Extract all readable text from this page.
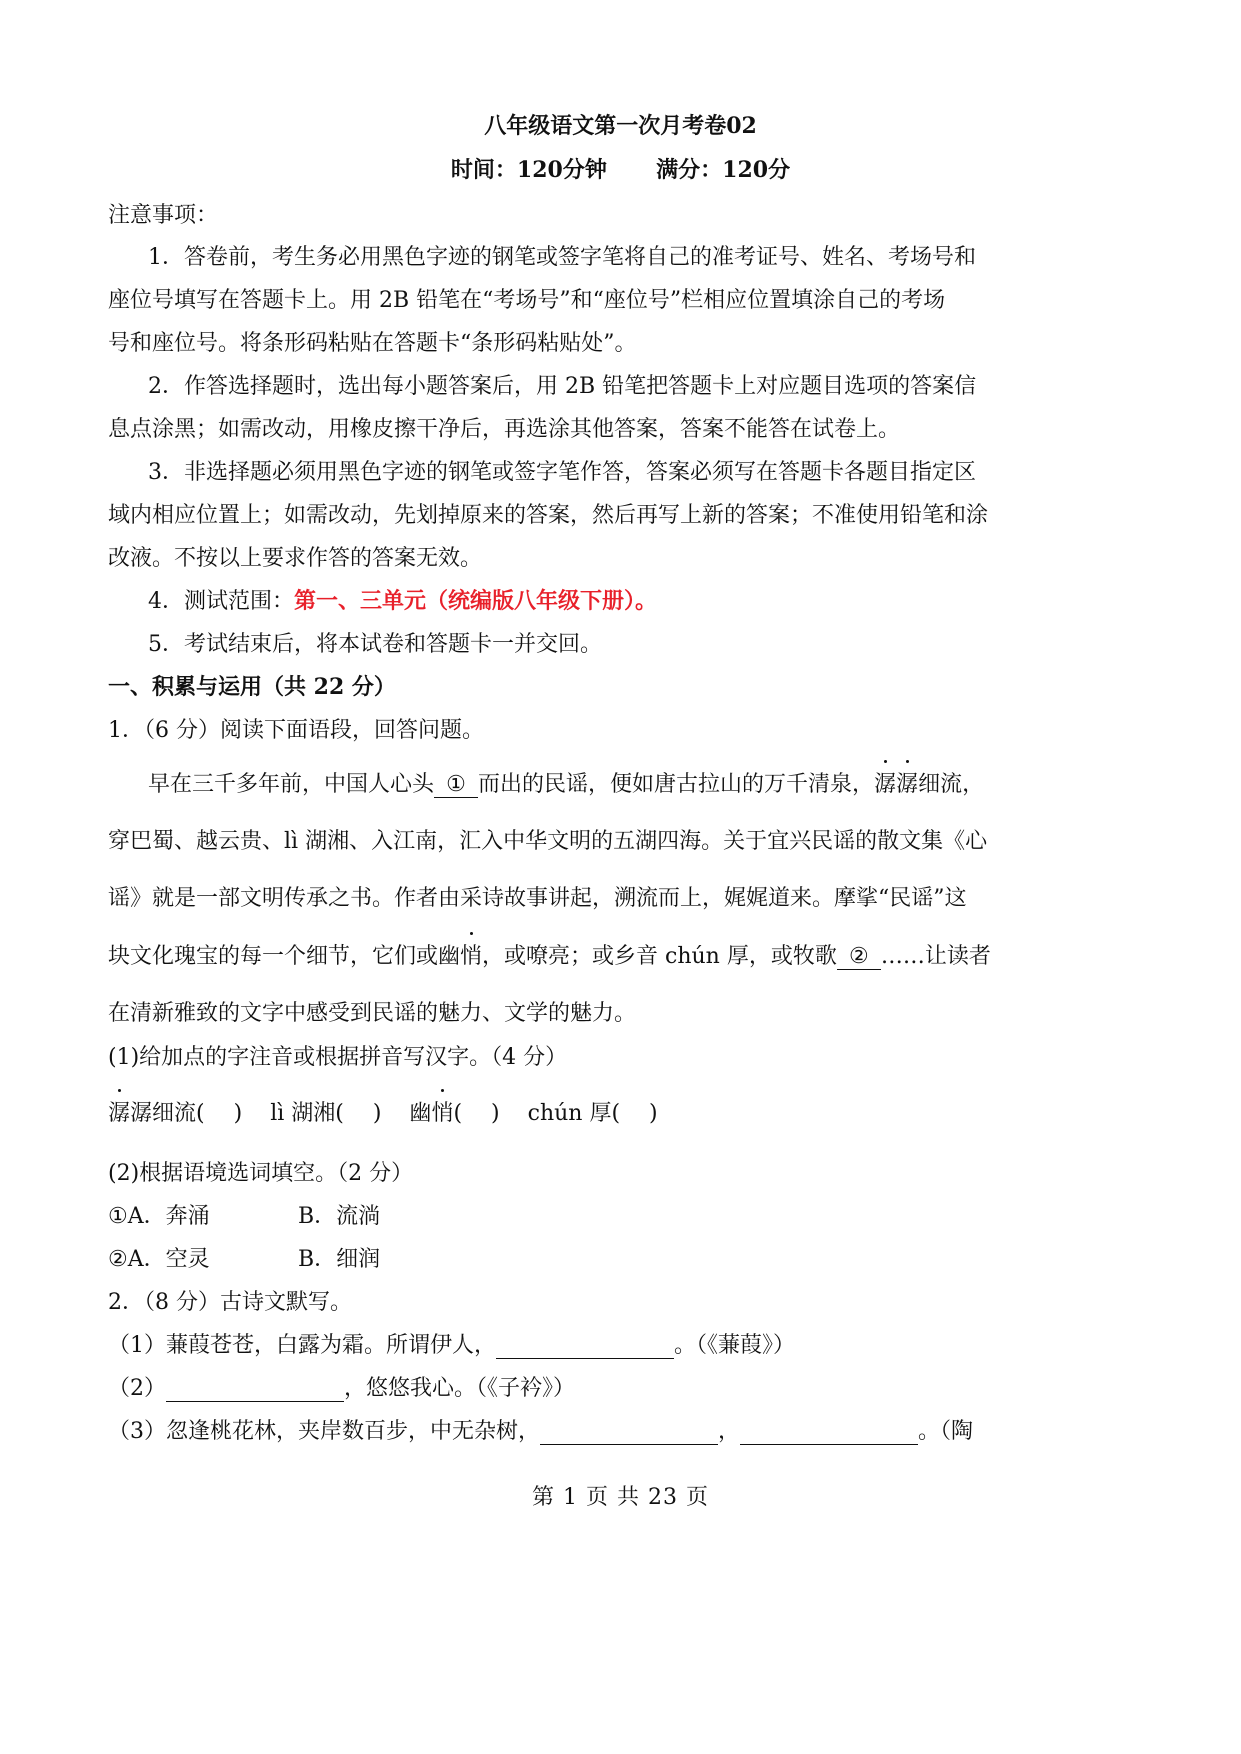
八年级语文第一次月考卷02
时间：120分钟 满分：120分
注意事项：
1．答卷前，考生务必用黑色字迹的钢笔或签字笔将自己的准考证号、姓名、考场号和
座位号填写在答题卡上。用 2B 铅笔在“考场号”和“座位号”栏相应位置填涂自己的考场
号和座位号。将条形码粘贴在答题卡“条形码粘贴处”。
2．作答选择题时，选出每小题答案后，用 2B 铅笔把答题卡上对应题目选项的答案信
息点涂黑；如需改动，用橡皮擦干净后，再选涂其他答案，答案不能答在试卷上。
3．非选择题必须用黑色字迹的钢笔或签字笔作答，答案必须写在答题卡各题目指定区
域内相应位置上；如需改动，先划掉原来的答案，然后再写上新的答案；不准使用铅笔和涂
改液。不按以上要求作答的答案无效。
4．测试范围：第一、三单元（统编版八年级下册）。
5．考试结束后，将本试卷和答题卡一并交回。
一、积累与运用（共 22 分）
1．（6 分）阅读下面语段，回答问题。
早在三千多年前，中国人心头 ① 而出的民谣，便如唐古拉山的万千清泉，潺潺细流，
穿巴蜀、越云贵、lì 湖湘、入江南，汇入中华文明的五湖四海。关于宜兴民谣的散文集《心
谣》就是一部文明传承之书。作者由采诗故事讲起，溯流而上，娓娓道来。摩挲“民谣”这
块文化瑰宝的每一个细节，它们或幽悄，或嘹亮；或乡音 chún 厚，或牧歌 ② ……让读者
在清新雅致的文字中感受到民谣的魅力、文学的魅力。
(1)给加点的字注音或根据拼音写汉字。（4 分）
潺潺细流(　 ) lì 湖湘(　 ) 幽悄(　 ) chún 厚(　 )
(2)根据语境选词填空。（2 分）
①A．奔涌	B．流淌
②A．空灵	B．细润
2．（8 分）古诗文默写。
（1）蒹葭苍苍，白露为霜。所谓伊人，	。（《蒹葭》）
（2）	，悠悠我心。（《子衿》）
（3）忽逢桃花林，夹岸数百步，中无杂树，	，	。（陶
第 1 页 共 23 页
